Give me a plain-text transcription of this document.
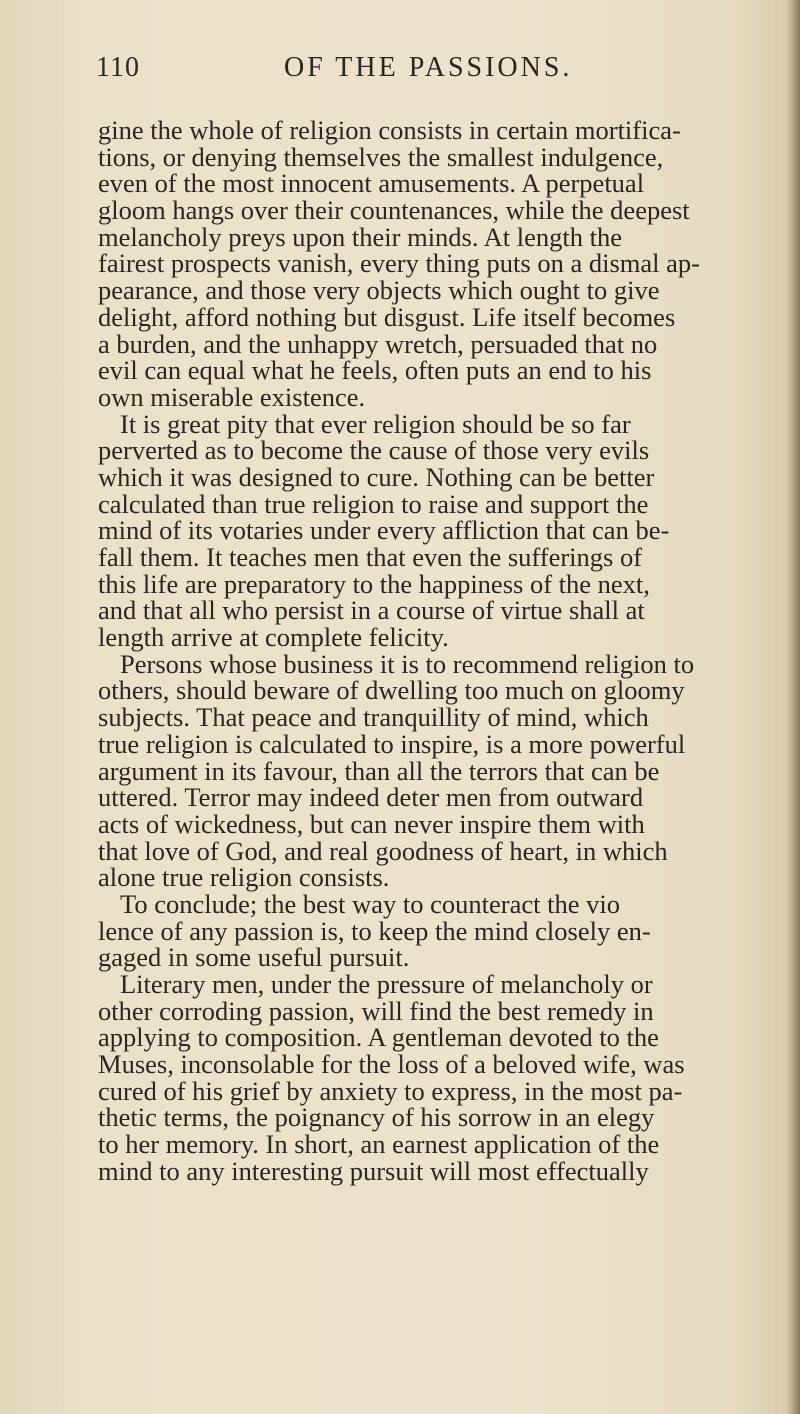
110	OF THE PASSIONS.
gine the whole of religion consists in certain mortifica-
tions, or denying themselves the smallest indulgence,
even of the most innocent amusements. A perpetual
gloom hangs over their countenances, while the deepest
melancholy preys upon their minds. At length the
fairest prospects vanish, every thing puts on a dismal ap-
pearance, and those very objects which ought to give
delight, afford nothing but disgust. Life itself becomes
a burden, and the unhappy wretch, persuaded that no
evil can equal what he feels, often puts an end to his
own miserable existence.
It is great pity that ever religion should be so far
perverted as to become the cause of those very evils
which it was designed to cure. Nothing can be better
calculated than true religion to raise and support the
mind of its votaries under every affliction that can be-
fall them. It teaches men that even the sufferings of
this life are preparatory to the happiness of the next,
and that all who persist in a course of virtue shall at
length arrive at complete felicity.
Persons whose business it is to recommend religion to
others, should beware of dwelling too much on gloomy
subjects. That peace and tranquillity of mind, which
true religion is calculated to inspire, is a more powerful
argument in its favour, than all the terrors that can be
uttered. Terror may indeed deter men from outward
acts of wickedness, but can never inspire them with
that love of God, and real goodness of heart, in which
alone true religion consists.
To conclude; the best way to counteract the vio
lence of any passion is, to keep the mind closely en-
gaged in some useful pursuit.
Literary men, under the pressure of melancholy or
other corroding passion, will find the best remedy in
applying to composition. A gentleman devoted to the
Muses, inconsolable for the loss of a beloved wife, was
cured of his grief by anxiety to express, in the most pa-
thetic terms, the poignancy of his sorrow in an elegy
to her memory. In short, an earnest application of the
mind to any interesting pursuit will most effectually
